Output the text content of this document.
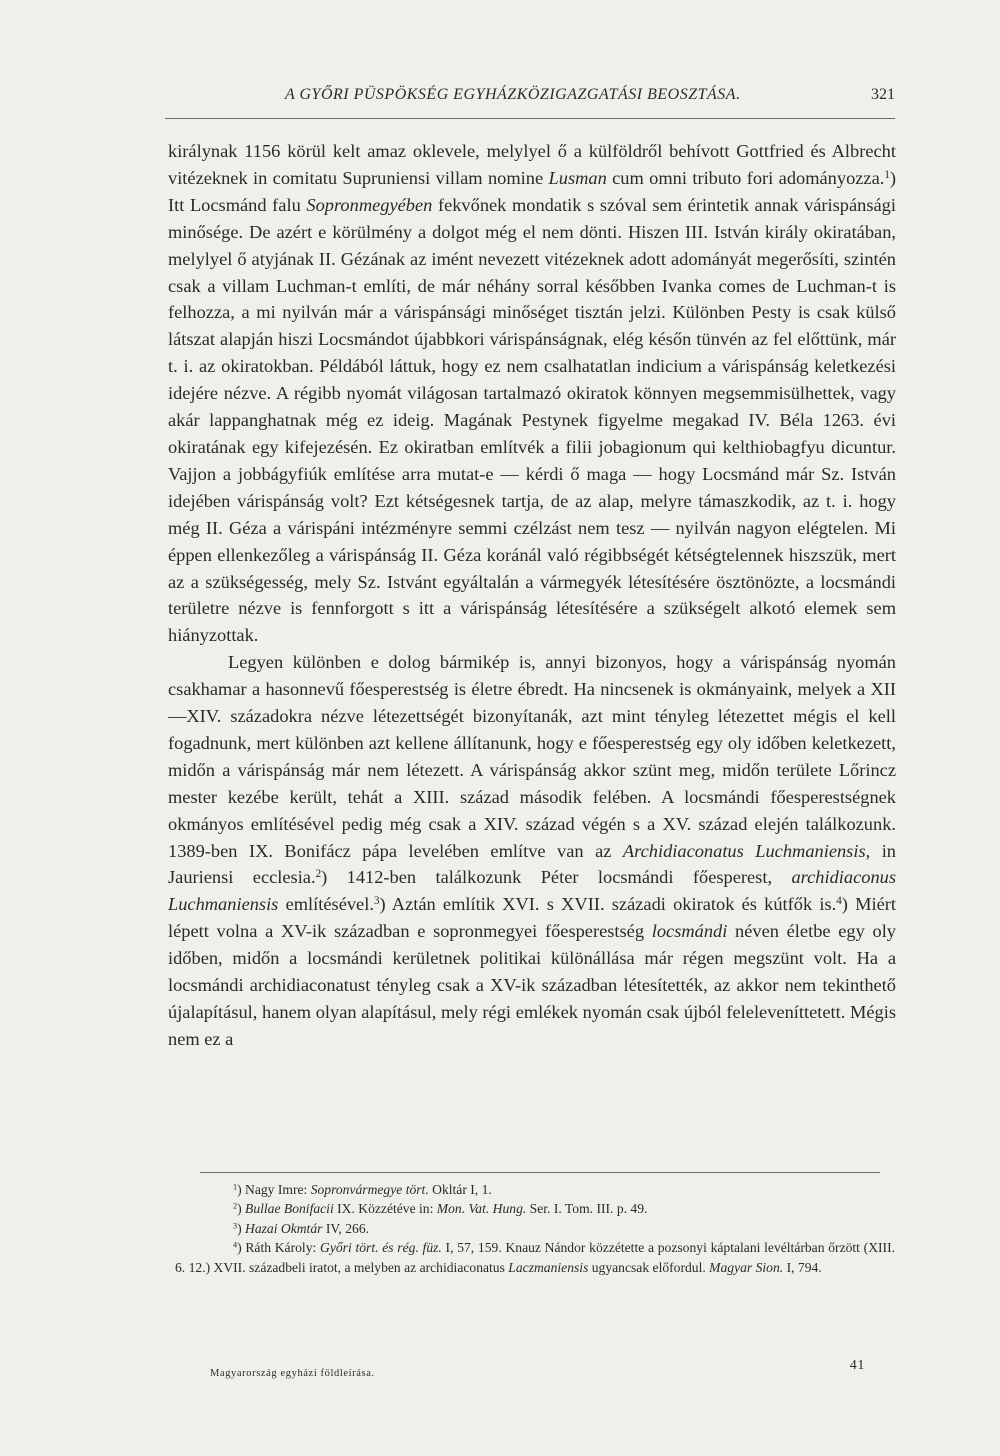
A GYŐRI PÜSPÖKSÉG EGYHÁZKÖZIGAZGATÁSI BEOSZTÁSA.	321

királynak 1156 körül kelt amaz oklevele, melylyel ő a külföldről behívott Gottfried és Albrecht vitézeknek in comitatu Supruniensi villam nomine Lusman cum omni tributo fori adományozza.$^1$) Itt Locsmánd falu Sopronmegyében fekvőnek mondatik s szóval sem érintetik annak várispánsági minősége. De azért e körülmény a dolgot még el nem dönti. Hiszen III. István király okiratában, melylyel ő atyjának II. Gézának az imént nevezett vitézeknek adott adományát megerősíti, szintén csak a villam Luchman-t említi, de már néhány sorral későbben Ivanka comes de Luchman-t is felhozza, a mi nyilván már a várispánsági minőséget tisztán jelzi. Különben Pesty is csak külső látszat alapján hiszi Locsmándot újabbkori várispánságnak, elég későn tünvén az fel előttünk, már t. i. az okiratokban. Példából láttuk, hogy ez nem csalhatatlan indicium a várispánság keletkezési idejére nézve. A régibb nyomát világosan tartalmazó okiratok könnyen megsemmisülhettek, vagy akár lappanghatnak még ez ideig. Magának Pestynek figyelme megakad IV. Béla 1263. évi okiratának egy kifejezésén. Ez okiratban említvék a filii jobagionum qui kelthiobagfyu dicuntur. Vajjon a jobbágyfiúk említése arra mutat-e — kérdi ő maga — hogy Locsmánd már Sz. István idejében várispánság volt? Ezt kétségesnek tartja, de az alap, melyre támaszkodik, az t. i. hogy még II. Géza a várispáni intézményre semmi czélzást nem tesz — nyilván nagyon elégtelen. Mi éppen ellenkezőleg a várispánság II. Géza koránál való régibbségét kétségtelennek hiszszük, mert az a szükségesség, mely Sz. Istvánt egyáltalán a vármegyék létesítésére ösztönözte, a locsmándi területre nézve is fennforgott s itt a várispánság létesítésére a szükségelt alkotó elemek sem hiányzottak.

Legyen különben e dolog bármikép is, annyi bizonyos, hogy a várispánság nyomán csakhamar a hasonnevű főesperestség is életre ébredt. Ha nincsenek is okmányaink, melyek a XII—XIV. századokra nézve létezettségét bizonyítanák, azt mint tényleg létezettet mégis el kell fogadnunk, mert különben azt kellene állítanunk, hogy e főesperestség egy oly időben keletkezett, midőn a várispánság már nem létezett. A várispánság akkor szünt meg, midőn területe Lőrincz mester kezébe került, tehát a XIII. század második felében. A locsmándi főesperestségnek okmányos említésével pedig még csak a XIV. század végén s a XV. század elején találkozunk. 1389-ben IX. Bonifácz pápa levelében említve van az Archidiaconatus Luchmaniensis, in Jauriensi ecclesia.$^2$) 1412-ben találkozunk Péter locsmándi főesperest, archidiaconus Luchmaniensis említésével.$^3$) Aztán említik XVI. s XVII. századi okiratok és kútfők is.$^4$) Miért lépett volna a XV-ik században e sopronmegyei főesperestség locsmándi néven életbe egy oly időben, midőn a locsmándi kerületnek politikai különállása már régen megszünt volt. Ha a locsmándi archidiaconatust tényleg csak a XV-ik században létesítették, az akkor nem tekinthető újalapításul, hanem olyan alapításul, mely régi emlékek nyomán csak újból feleleveníttetett. Mégis nem ez a

$^1$) Nagy Imre: Sopronvármegye tört. Okltár I, 1.

$^2$) Bullae Bonifacii IX. Közzétéve in: Mon. Vat. Hung. Ser. I. Tom. III. p. 49.

$^3$) Hazai Okmtár IV, 266.

$^4$) Ráth Károly: Győri tört. és rég. füz. I, 57, 159. Knauz Nándor közzétette a pozsonyi káptalani levéltárban őrzött (XIII. 6. 12.) XVII. századbeli iratot, a melyben az archidiaconatus Laczmaniensis ugyancsak előfordul. Magyar Sion. I, 794.

Magyarország egyházi földleírása.
41
